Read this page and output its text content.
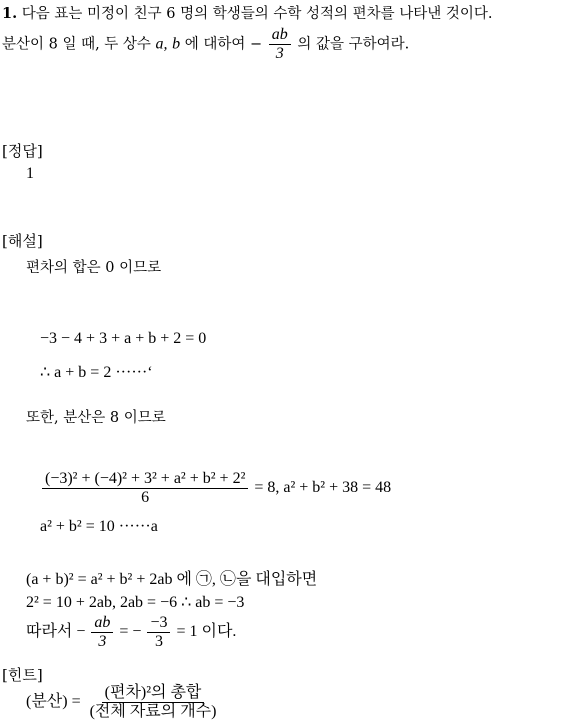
1. 다음 표는 미정이 친구 6 명의 학생들의 수학 성적의 편차를 나타낸 것이다.
분산이 8 일 때, 두 상수 a, b 에 대하여 − $\frac{ab}{3}$ 의 값을 구하여라.
[정답]
1
[해설]
편차의 합은 0 이므로
−3 − 4 + 3 + a + b + 2 = 0
∴ a + b = 2 ······‘
또한, 분산은 8 이므로
$\frac{\text{(−3)² + (−4)² + 3² + a² + b² + 2²}}{6} = 8$, a² + b² + 38 = 48
a² + b² = 10 ······a
(a + b)² = a² + b² + 2ab 에 ㉠, ㉡을 대입하면
2² = 10 + 2ab, 2ab = −6 ∴ ab = −3
따라서 − $\frac{ab}{3}$ = − $\frac{-3}{3} = 1$ 이다.
[힌트]
(분산) = $\frac{\text{(편차)²의 총합}}{\text{(전체 자료의 개수)}}$
